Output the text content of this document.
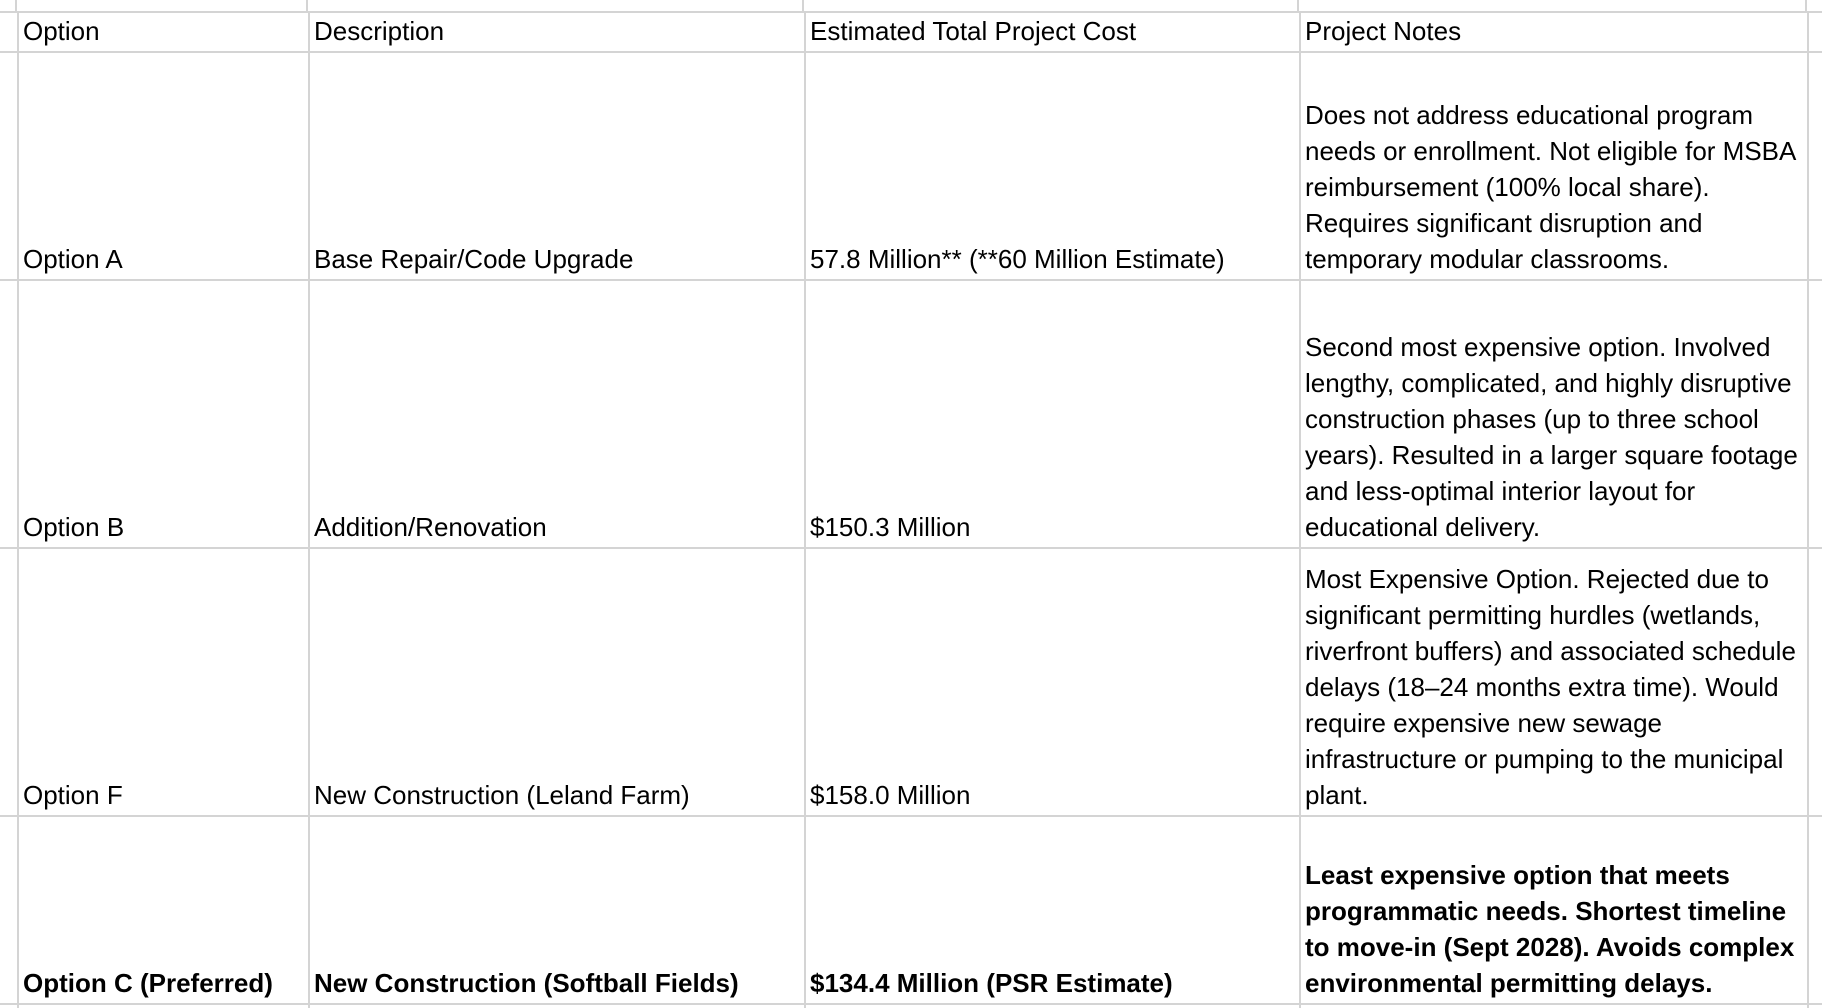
	Option	Description	Estimated Total Project Cost	Project Notes	
	Option A	Base Repair/Code Upgrade	57.8 Million** (**60 Million Estimate)	Does not address educational program needs or enrollment. Not eligible for MSBA reimbursement (100% local share). Requires significant disruption and temporary modular classrooms.	
	Option B	Addition/Renovation	$150.3 Million	Second most expensive option. Involved lengthy, complicated, and highly disruptive construction phases (up to three school years). Resulted in a larger square footage and less-optimal interior layout for educational delivery.	
	Option F	New Construction (Leland Farm)	$158.0 Million	Most Expensive Option. Rejected due to significant permitting hurdles (wetlands, riverfront buffers) and associated schedule delays (18–24 months extra time). Would require expensive new sewage infrastructure or pumping to the municipal plant.	
	Option C (Preferred)	New Construction (Softball Fields)	$134.4 Million (PSR Estimate)	Least expensive option that meets programmatic needs. Shortest timeline to move-in (Sept 2028). Avoids complex environmental permitting delays.	
